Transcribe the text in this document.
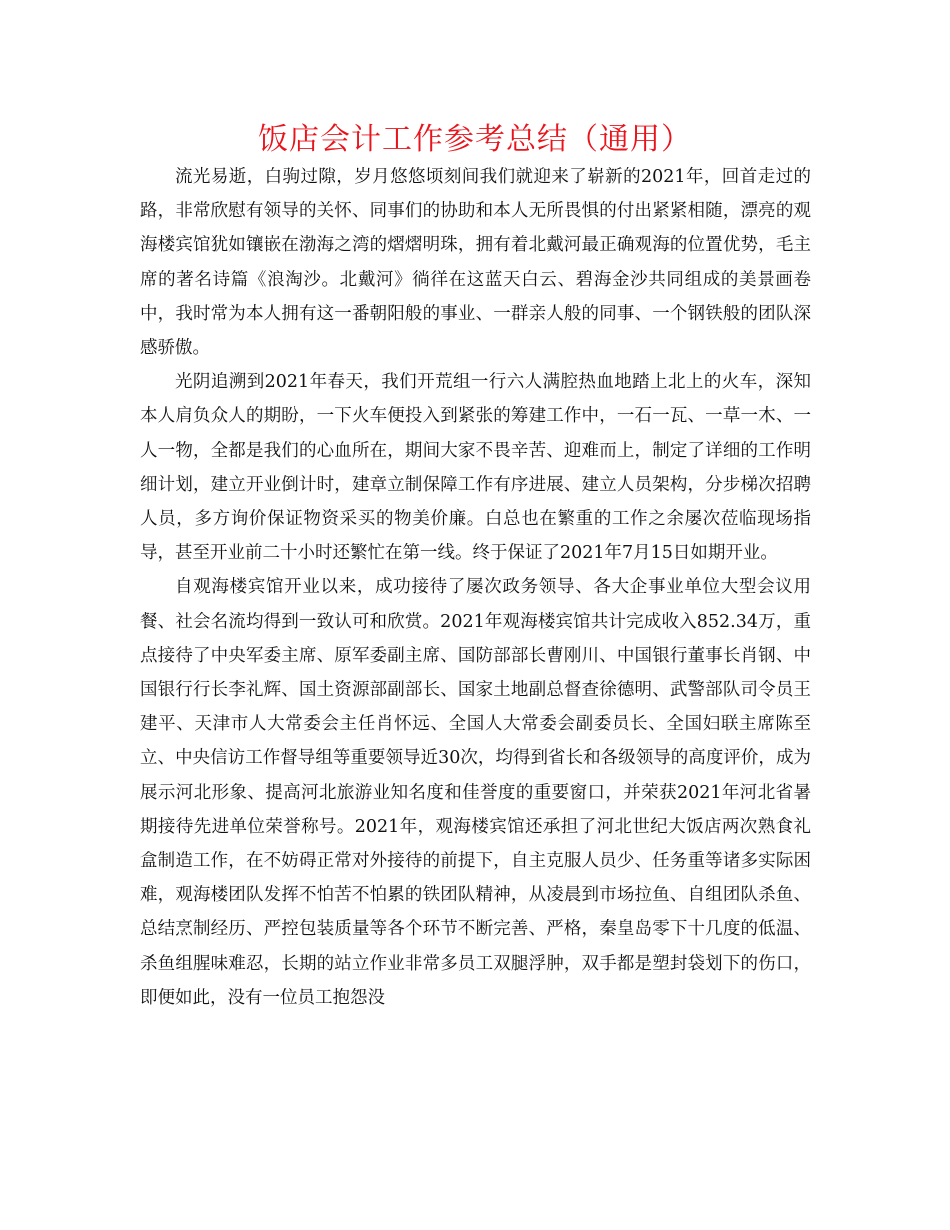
饭店会计工作参考总结（通用）

流光易逝，白驹过隙，岁月悠悠顷刻间我们就迎来了崭新的2021年，回首走过的路，非常欣慰有领导的关怀、同事们的协助和本人无所畏惧的付出紧紧相随，漂亮的观海楼宾馆犹如镶嵌在渤海之湾的熠熠明珠，拥有着北戴河最正确观海的位置优势，毛主席的著名诗篇《浪淘沙。北戴河》徜徉在这蓝天白云、碧海金沙共同组成的美景画卷中，我时常为本人拥有这一番朝阳般的事业、一群亲人般的同事、一个钢铁般的团队深感骄傲。

光阴追溯到2021年春天，我们开荒组一行六人满腔热血地踏上北上的火车，深知本人肩负众人的期盼，一下火车便投入到紧张的筹建工作中，一石一瓦、一草一木、一人一物，全都是我们的心血所在，期间大家不畏辛苦、迎难而上，制定了详细的工作明细计划，建立开业倒计时，建章立制保障工作有序进展、建立人员架构，分步梯次招聘人员，多方询价保证物资采买的物美价廉。白总也在繁重的工作之余屡次莅临现场指导，甚至开业前二十小时还繁忙在第一线。终于保证了2021年7月15日如期开业。

自观海楼宾馆开业以来，成功接待了屡次政务领导、各大企事业单位大型会议用餐、社会名流均得到一致认可和欣赏。2021年观海楼宾馆共计完成收入852.34万，重点接待了中央军委主席、原军委副主席、国防部部长曹刚川、中国银行董事长肖钢、中国银行行长李礼辉、国土资源部副部长、国家土地副总督查徐德明、武警部队司令员王建平、天津市人大常委会主任肖怀远、全国人大常委会副委员长、全国妇联主席陈至立、中央信访工作督导组等重要领导近30次，均得到省长和各级领导的高度评价，成为展示河北形象、提高河北旅游业知名度和佳誉度的重要窗口，并荣获2021年河北省暑期接待先进单位荣誉称号。2021年，观海楼宾馆还承担了河北世纪大饭店两次熟食礼盒制造工作，在不妨碍正常对外接待的前提下，自主克服人员少、任务重等诸多实际困难，观海楼团队发挥不怕苦不怕累的铁团队精神，从凌晨到市场拉鱼、自组团队杀鱼、总结烹制经历、严控包装质量等各个环节不断完善、严格，秦皇岛零下十几度的低温、杀鱼组腥味难忍，长期的站立作业非常多员工双腿浮肿，双手都是塑封袋划下的伤口，即便如此，没有一位员工抱怨没
